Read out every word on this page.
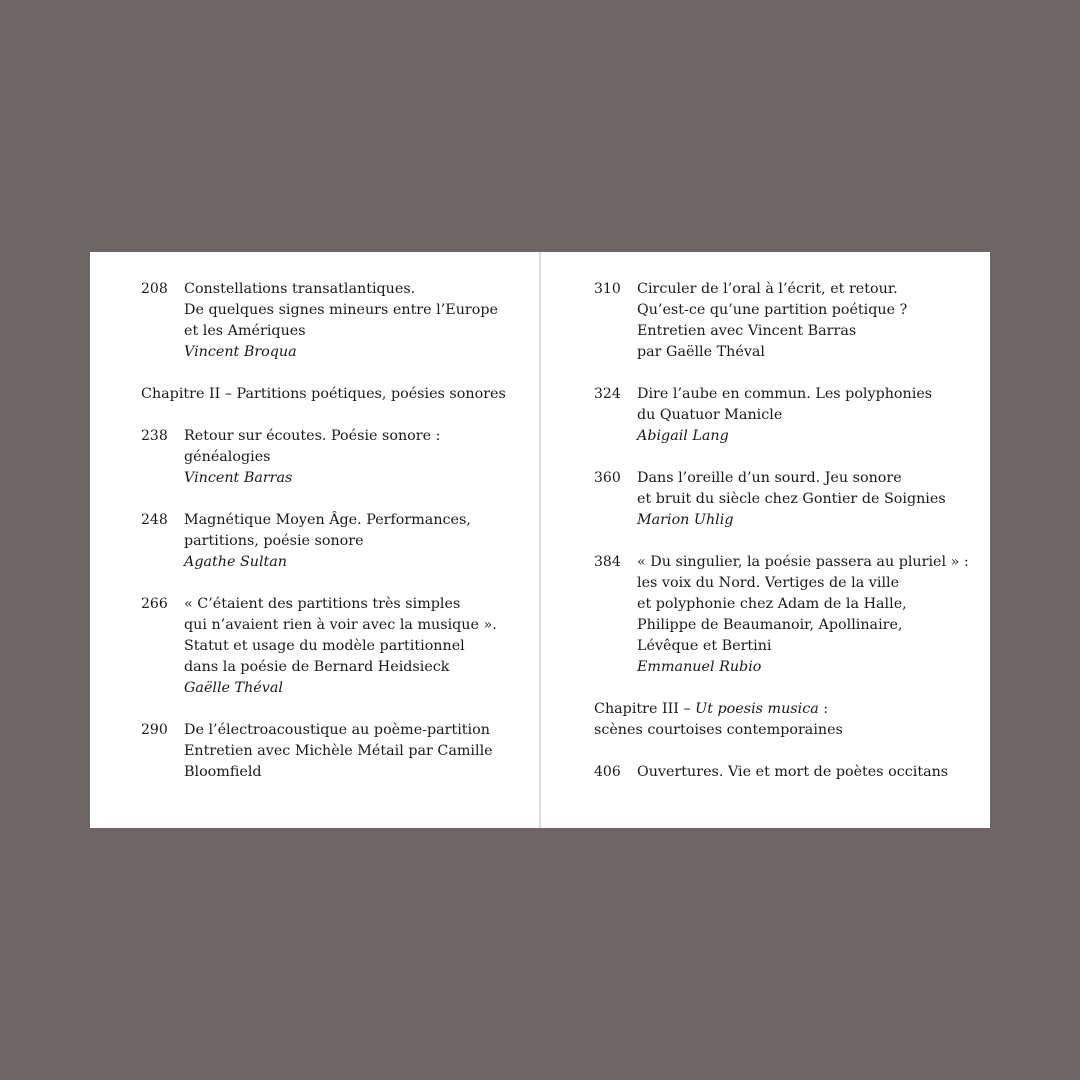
208 Constellations transatlantiques.

De quelques signes mineurs entre l’Europe

et les Amériques

Vincent Broqua

Chapitre II – Partitions poétiques, poésies sonores

238 Retour sur écoutes. Poésie sonore :

généalogies

Vincent Barras

248 Magnétique Moyen Âge. Performances,

partitions, poésie sonore

Agathe Sultan

266 « C’étaient des partitions très simples

qui n’avaient rien à voir avec la musique ».

Statut et usage du modèle partitionnel

dans la poésie de Bernard Heidsieck

Gaëlle Théval

290 De l’électroacoustique au poème-partition

Entretien avec Michèle Métail par Camille

Bloomfield

310 Circuler de l’oral à l’écrit, et retour.

Qu’est-ce qu’une partition poétique ?

Entretien avec Vincent Barras

par Gaëlle Théval

324 Dire l’aube en commun. Les polyphonies

du Quatuor Manicle

Abigail Lang

360 Dans l’oreille d’un sourd. Jeu sonore

et bruit du siècle chez Gontier de Soignies

Marion Uhlig

384 « Du singulier, la poésie passera au pluriel » :

les voix du Nord. Vertiges de la ville

et polyphonie chez Adam de la Halle,

Philippe de Beaumanoir, Apollinaire,

Lévêque et Bertini

Emmanuel Rubio

Chapitre III – Ut poesis musica :

scènes courtoises contemporaines

406 Ouvertures. Vie et mort de poètes occitans
